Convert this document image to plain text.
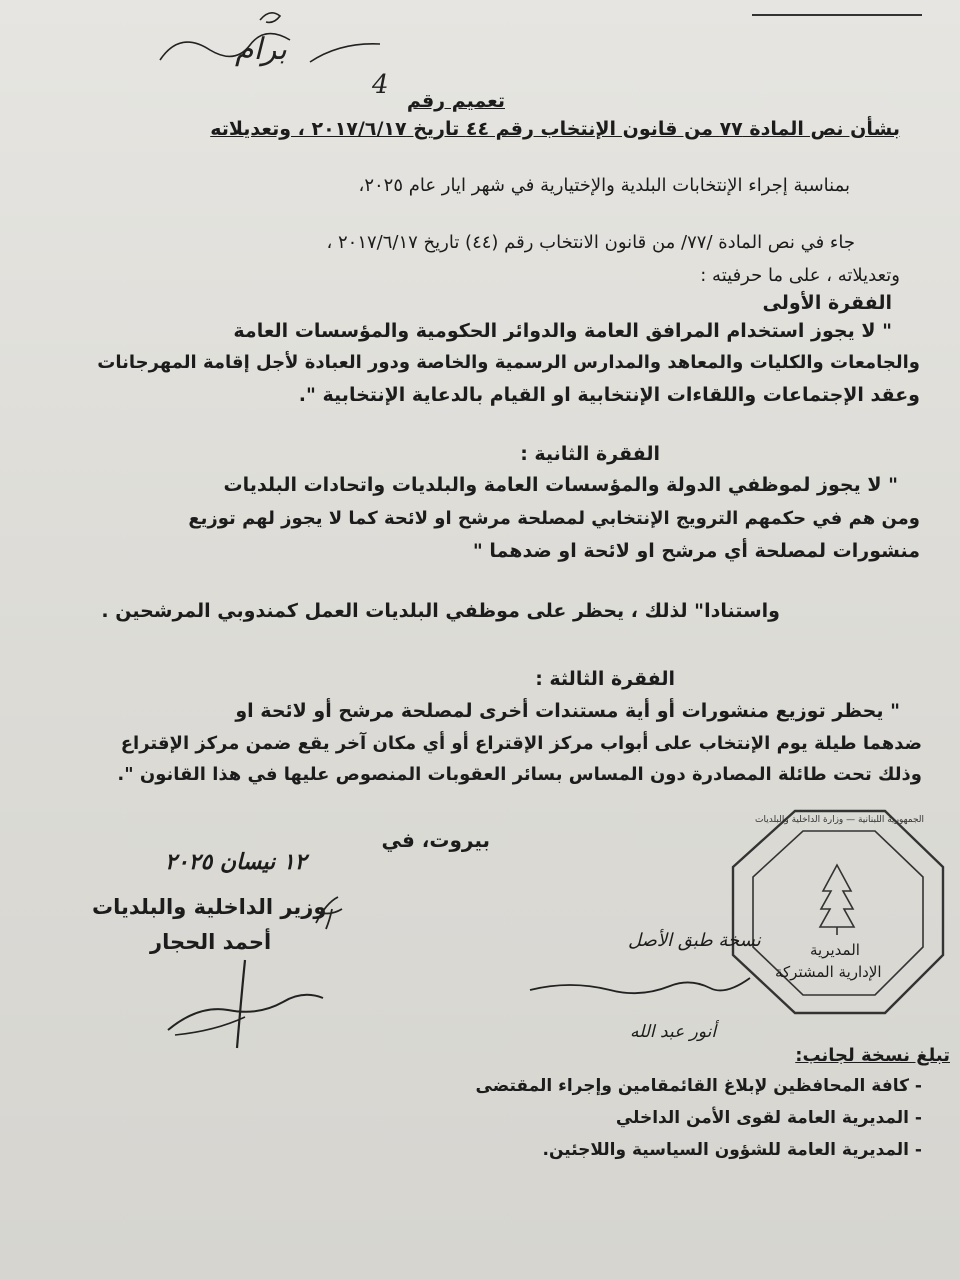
4
برام
تعميم رقم
بشأن نص المادة ٧٧ من قانون الإنتخاب رقم ٤٤ تاريخ ٢٠١٧/٦/١٧ ، وتعديلاته
بمناسبة إجراء الإنتخابات البلدية والإختيارية في شهر ايار عام ٢٠٢٥،
جاء في نص المادة /٧٧/ من قانون الانتخاب رقم (٤٤) تاريخ ٢٠١٧/٦/١٧ ،
وتعديلاته ، على ما حرفيته :
الفقرة الأولى
" لا يجوز استخدام المرافق العامة والدوائر الحكومية والمؤسسات العامة
والجامعات والكليات والمعاهد والمدارس الرسمية والخاصة ودور العبادة لأجل إقامة المهرجانات
وعقد الإجتماعات واللقاءات الإنتخابية او القيام بالدعاية الإنتخابية ".
الفقرة الثانية :
" لا يجوز لموظفي الدولة والمؤسسات العامة والبلديات واتحادات البلديات
ومن هم في حكمهم الترويج الإنتخابي لمصلحة مرشح او لائحة كما لا يجوز لهم توزيع
منشورات لمصلحة أي مرشح او لائحة او ضدهما "
واستنادا" لذلك ، يحظر على موظفي البلديات العمل كمندوبي المرشحين .
الفقرة الثالثة :
" يحظر توزيع منشورات أو أية مستندات أخرى لمصلحة مرشح أو لائحة او
ضدهما طيلة يوم الإنتخاب على أبواب مركز الإقتراع أو أي مكان آخر يقع ضمن مركز الإقتراع
وذلك تحت طائلة المصادرة دون المساس بسائر العقوبات المنصوص عليها في هذا القانون ".
بيروت، في
١٢ نيسان ٢٠٢٥
وزير الداخلية والبلديات
أحمد الحجار
الجمهورية اللبنانية — وزارة الداخلية والبلديات
المديرية
الإدارية المشتركة
نسخة طبق الأصل
أنور عبد الله
تبلغ نسخة لجانب:
- كافة المحافظين لإبلاغ القائمقامين وإجراء المقتضى
- المديرية العامة لقوى الأمن الداخلي
- المديرية العامة للشؤون السياسية واللاجئين.
